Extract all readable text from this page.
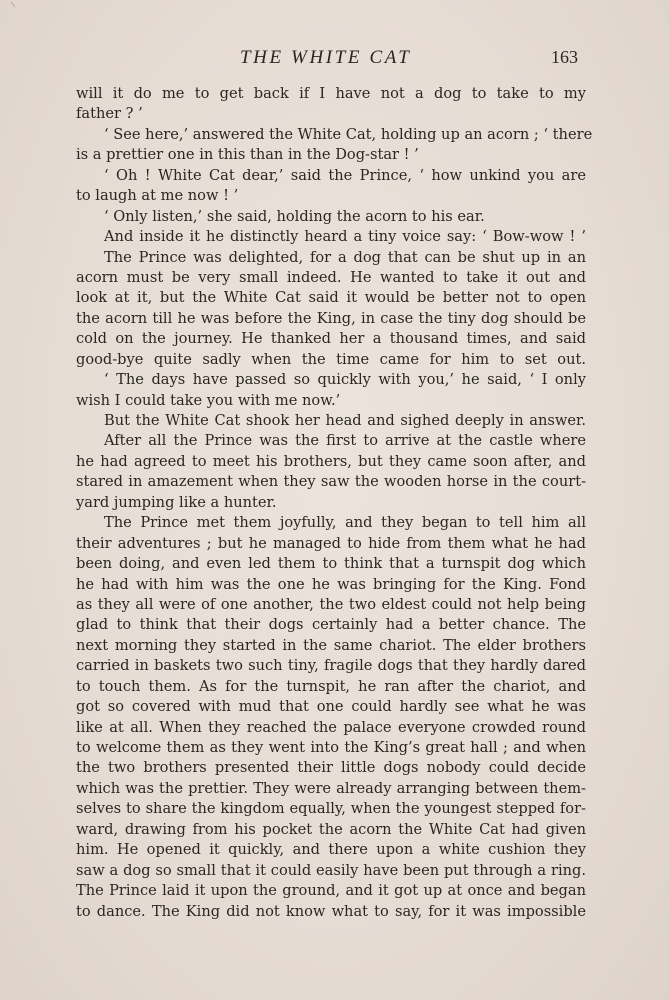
THE WHITE CAT	163
will it do me to get back if I have not a dog to take to my
father ? ’
‘ See here,’ answered the White Cat, holding up an acorn ; ‘ there
is a prettier one in this than in the Dog-star ! ’
‘ Oh ! White Cat dear,’ said the Prince, ‘ how unkind you are
to laugh at me now ! ’
‘ Only listen,’ she said, holding the acorn to his ear.
And inside it he distinctly heard a tiny voice say: ‘ Bow-wow ! ’
The Prince was delighted, for a dog that can be shut up in an
acorn must be very small indeed. He wanted to take it out and
look at it, but the White Cat said it would be better not to open
the acorn till he was before the King, in case the tiny dog should be
cold on the journey. He thanked her a thousand times, and said
good-bye quite sadly when the time came for him to set out.
‘ The days have passed so quickly with you,’ he said, ‘ I only
wish I could take you with me now.’
But the White Cat shook her head and sighed deeply in answer.
After all the Prince was the first to arrive at the castle where
he had agreed to meet his brothers, but they came soon after, and
stared in amazement when they saw the wooden horse in the court-
yard jumping like a hunter.
The Prince met them joyfully, and they began to tell him all
their adventures ; but he managed to hide from them what he had
been doing, and even led them to think that a turnspit dog which
he had with him was the one he was bringing for the King. Fond
as they all were of one another, the two eldest could not help being
glad to think that their dogs certainly had a better chance. The
next morning they started in the same chariot. The elder brothers
carried in baskets two such tiny, fragile dogs that they hardly dared
to touch them. As for the turnspit, he ran after the chariot, and
got so covered with mud that one could hardly see what he was
like at all. When they reached the palace everyone crowded round
to welcome them as they went into the King’s great hall ; and when
the two brothers presented their little dogs nobody could decide
which was the prettier. They were already arranging between them-
selves to share the kingdom equally, when the youngest stepped for-
ward, drawing from his pocket the acorn the White Cat had given
him. He opened it quickly, and there upon a white cushion they
saw a dog so small that it could easily have been put through a ring.
The Prince laid it upon the ground, and it got up at once and began
to dance. The King did not know what to say, for it was impossible
